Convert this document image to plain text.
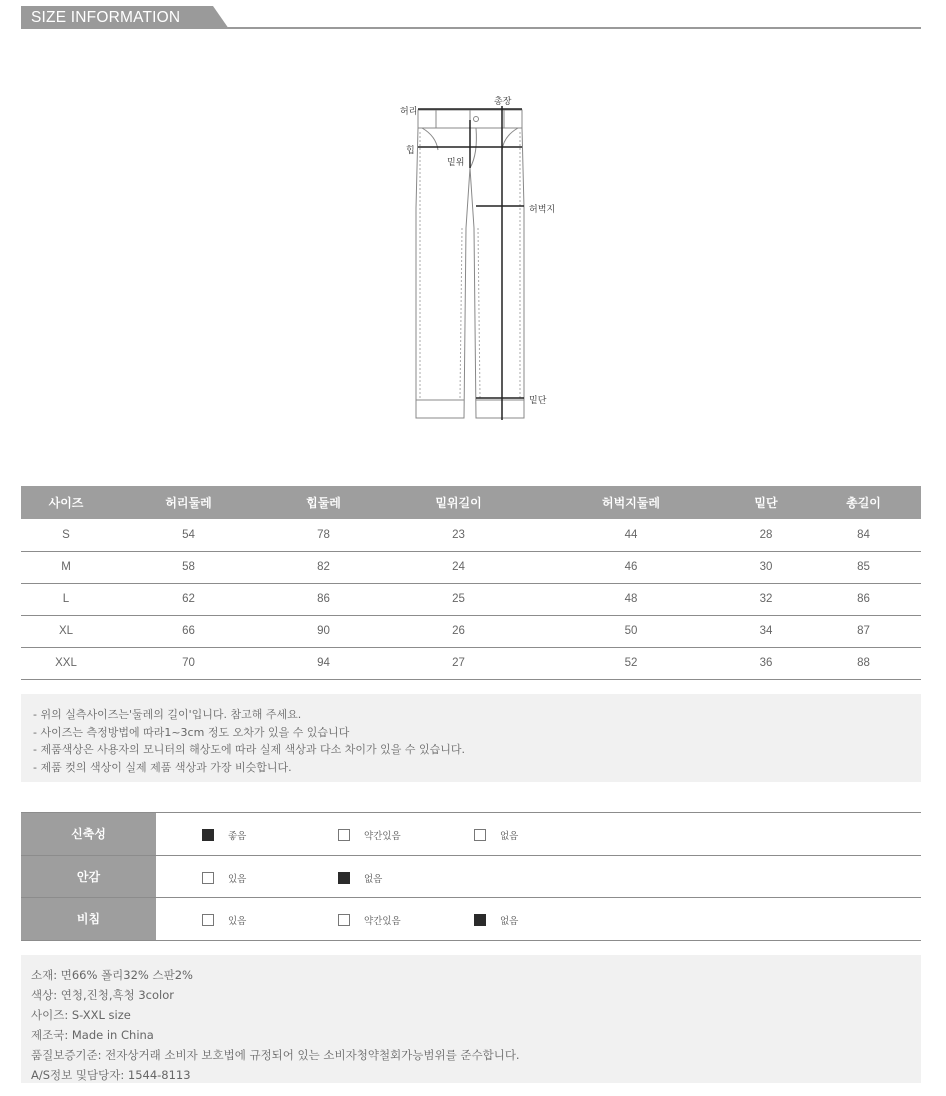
SIZE INFORMATION
허리
총장
힙
밑위
허벅지
밑단
사이즈	허리둘레	힙둘레	밑위길이	허벅지둘레	밑단	총길이
S	54	78	23	44	28	84
M	58	82	24	46	30	85
L	62	86	25	48	32	86
XL	66	90	26	50	34	87
XXL	70	94	27	52	36	88

- 위의 실측사이즈는'둘레의 길이'입니다. 참고해 주세요.

- 사이즈는 측정방법에 따라1~3cm 정도 오차가 있을 수 있습니다

- 제품색상은 사용자의 모니터의 해상도에 따라 실제 색상과 다소 차이가 있을 수 있습니다.

- 제품 컷의 색상이 실제 제품 색상과 가장 비슷합니다.

신축성	좋음	약간있음	없음
안감	있음	없음
비침	있음	약간있음	없음

소재: 면66% 폴리32% 스판2%

색상: 연청,진청,흑청 3color

사이즈: S-XXL size

제조국: Made in China

품질보증기준: 전자상거래 소비자 보호법에 규정되어 있는 소비자청약철회가능범위를 준수합니다.

A/S정보 및담당자: 1544-8113
